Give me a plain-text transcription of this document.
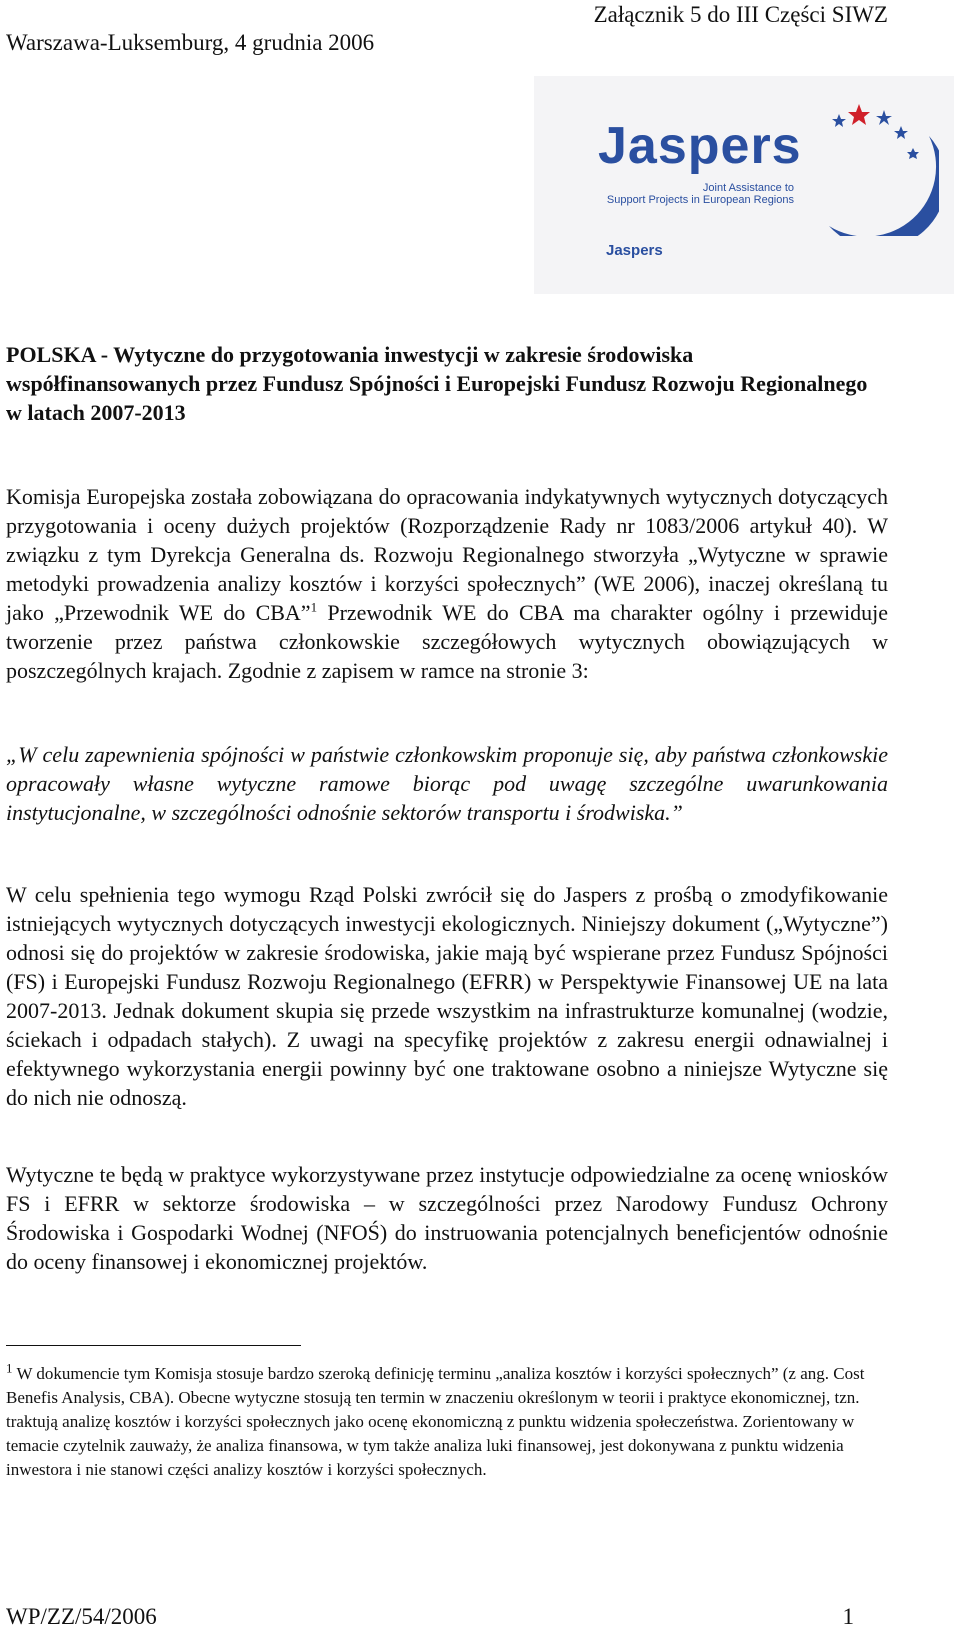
Załącznik 5 do III Części SIWZ
Warszawa-Luksemburg, 4 grudnia 2006
Jaspers
Joint Assistance to
Support Projects in European Regions
Jaspers
POLSKA - Wytyczne do przygotowania inwestycji w zakresie środowiska współfinansowanych przez Fundusz Spójności i Europejski Fundusz Rozwoju Regionalnego w latach 2007-2013
Komisja Europejska została zobowiązana do opracowania indykatywnych wytycznych dotyczących przygotowania i oceny dużych projektów (Rozporządzenie Rady nr 1083/2006 artykuł 40). W związku z tym Dyrekcja Generalna ds. Rozwoju Regionalnego stworzyła „Wytyczne w sprawie metodyki prowadzenia analizy kosztów i korzyści społecznych” (WE 2006), inaczej określaną tu jako „Przewodnik WE do CBA”$^1$ Przewodnik WE do CBA ma charakter ogólny i przewiduje tworzenie przez państwa członkowskie szczegółowych wytycznych obowiązujących w poszczególnych krajach. Zgodnie z zapisem w ramce na stronie 3:
„W celu zapewnienia spójności w państwie członkowskim proponuje się, aby państwa członkowskie opracowały własne wytyczne ramowe biorąc pod uwagę szczególne uwarunkowania instytucjonalne, w szczególności odnośnie sektorów transportu i środwiska.”
W celu spełnienia tego wymogu Rząd Polski zwrócił się do Jaspers z prośbą o zmodyfikowanie istniejących wytycznych dotyczących inwestycji ekologicznych. Niniejszy dokument („Wytyczne”) odnosi się do projektów w zakresie środowiska, jakie mają być wspierane przez Fundusz Spójności (FS) i Europejski Fundusz Rozwoju Regionalnego (EFRR) w Perspektywie Finansowej UE na lata 2007-2013. Jednak dokument skupia się przede wszystkim na infrastrukturze komunalnej (wodzie, ściekach i odpadach stałych). Z uwagi na specyfikę projektów z zakresu energii odnawialnej i efektywnego wykorzystania energii powinny być one traktowane osobno a niniejsze Wytyczne się do nich nie odnoszą.
Wytyczne te będą w praktyce wykorzystywane przez instytucje odpowiedzialne za ocenę wniosków FS i EFRR w sektorze środowiska – w szczególności przez Narodowy Fundusz Ochrony Środowiska i Gospodarki Wodnej (NFOŚ) do instruowania potencjalnych beneficjentów odnośnie do oceny finansowej i ekonomicznej projektów.
$^1$ W dokumencie tym Komisja stosuje bardzo szeroką definicję terminu „analiza kosztów i korzyści społecznych” (z ang. Cost Benefis Analysis, CBA). Obecne wytyczne stosują ten termin w znaczeniu określonym w teorii i praktyce ekonomicznej, tzn. traktują analizę kosztów i korzyści społecznych jako ocenę ekonomiczną z punktu widzenia społeczeństwa. Zorientowany w temacie czytelnik zauważy, że analiza finansowa, w tym także analiza luki finansowej, jest dokonywana z punktu widzenia inwestora i nie stanowi części analizy kosztów i korzyści społecznych.
WP/ZZ/54/2006	1
